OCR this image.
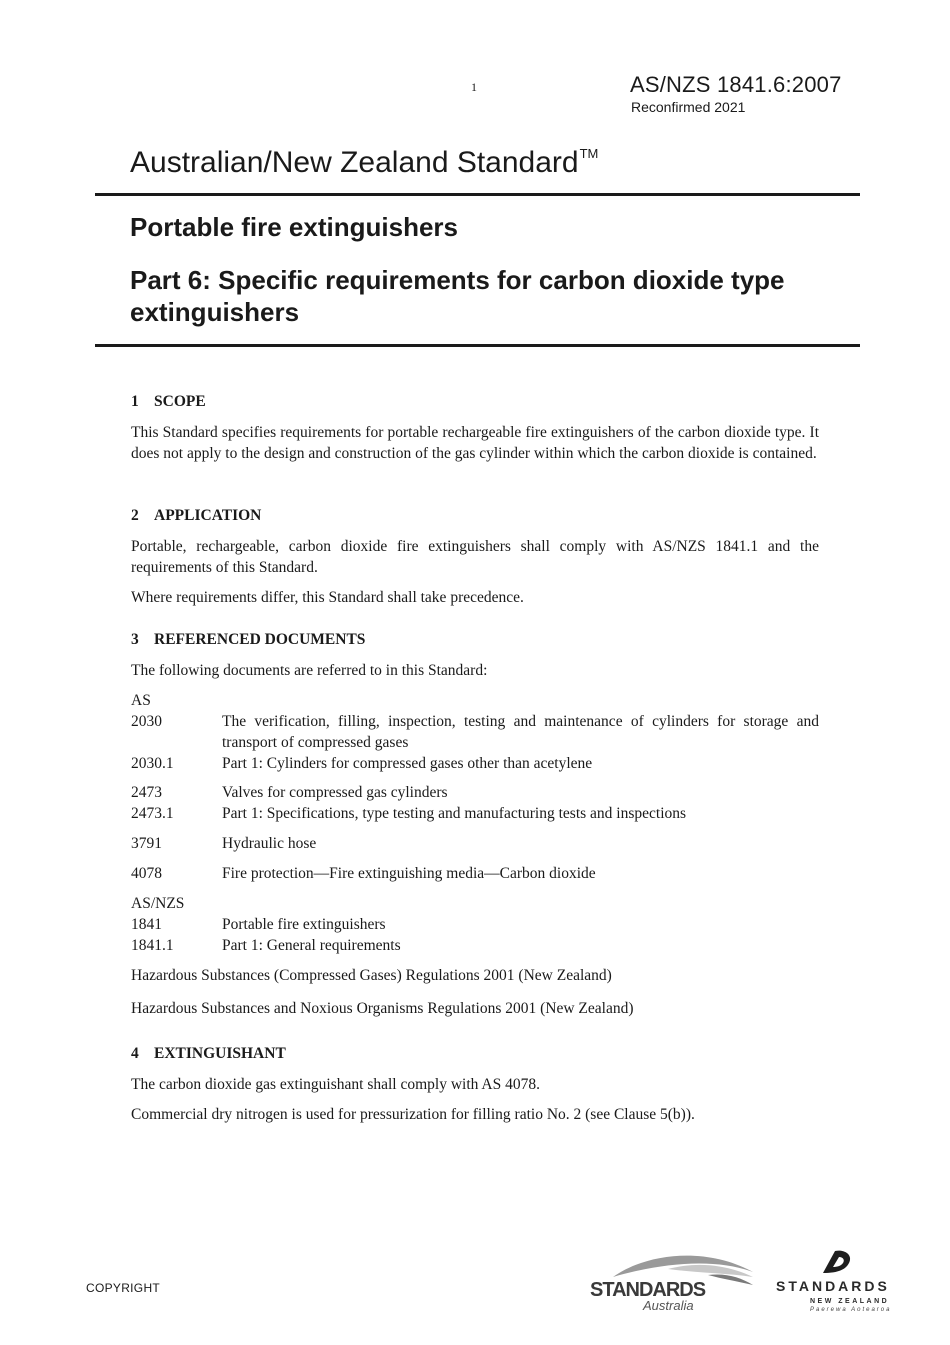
1	AS/NZS 1841.6:2007
Reconfirmed 2021
Australian/New Zealand Standard™
Portable fire extinguishers
Part 6: Specific requirements for carbon dioxide type extinguishers
1 SCOPE

This Standard specifies requirements for portable rechargeable fire extinguishers of the carbon dioxide type. It does not apply to the design and construction of the gas cylinder within which the carbon dioxide is contained.

2 APPLICATION

Portable, rechargeable, carbon dioxide fire extinguishers shall comply with AS/NZS 1841.1 and the requirements of this Standard.

Where requirements differ, this Standard shall take precedence.

3 REFERENCED DOCUMENTS

The following documents are referred to in this Standard:

AS
2030	The verification, filling, inspection, testing and maintenance of cylinders for storage and transport of compressed gases
2030.1	Part 1: Cylinders for compressed gases other than acetylene
2473	Valves for compressed gas cylinders
2473.1	Part 1: Specifications, type testing and manufacturing tests and inspections
3791	Hydraulic hose
4078	Fire protection—Fire extinguishing media—Carbon dioxide
AS/NZS
1841	Portable fire extinguishers
1841.1	Part 1: General requirements

Hazardous Substances (Compressed Gases) Regulations 2001 (New Zealand)

Hazardous Substances and Noxious Organisms Regulations 2001 (New Zealand)

4 EXTINGUISHANT

The carbon dioxide gas extinguishant shall comply with AS 4078.

Commercial dry nitrogen is used for pressurization for filling ratio No. 2 (see Clause 5(b)).

COPYRIGHT	STANDARDS
Australia
STANDARDS
NEW ZEALAND
Paerewa Aotearoa
